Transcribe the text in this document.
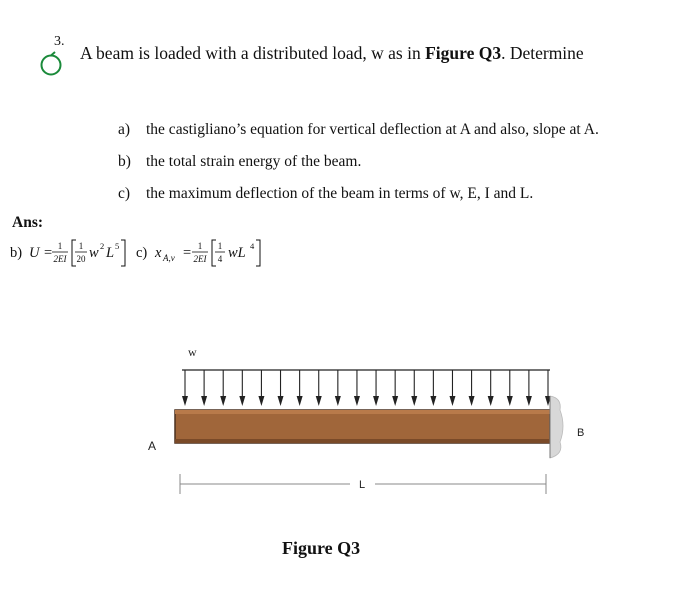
3.
A beam is loaded with a distributed load, w as in Figure Q3. Determine
a) the castigliano’s equation for vertical deflection at A and also, slope at A.
b) the total strain energy of the beam.
c) the maximum deflection of the beam in terms of w, E, I and L.
Ans:
b) U = 1
2EI
1
20 w 2 L 5 c) x A,v = 1
2EI
1
4 wL 4
w
A
B
L
Figure Q3
